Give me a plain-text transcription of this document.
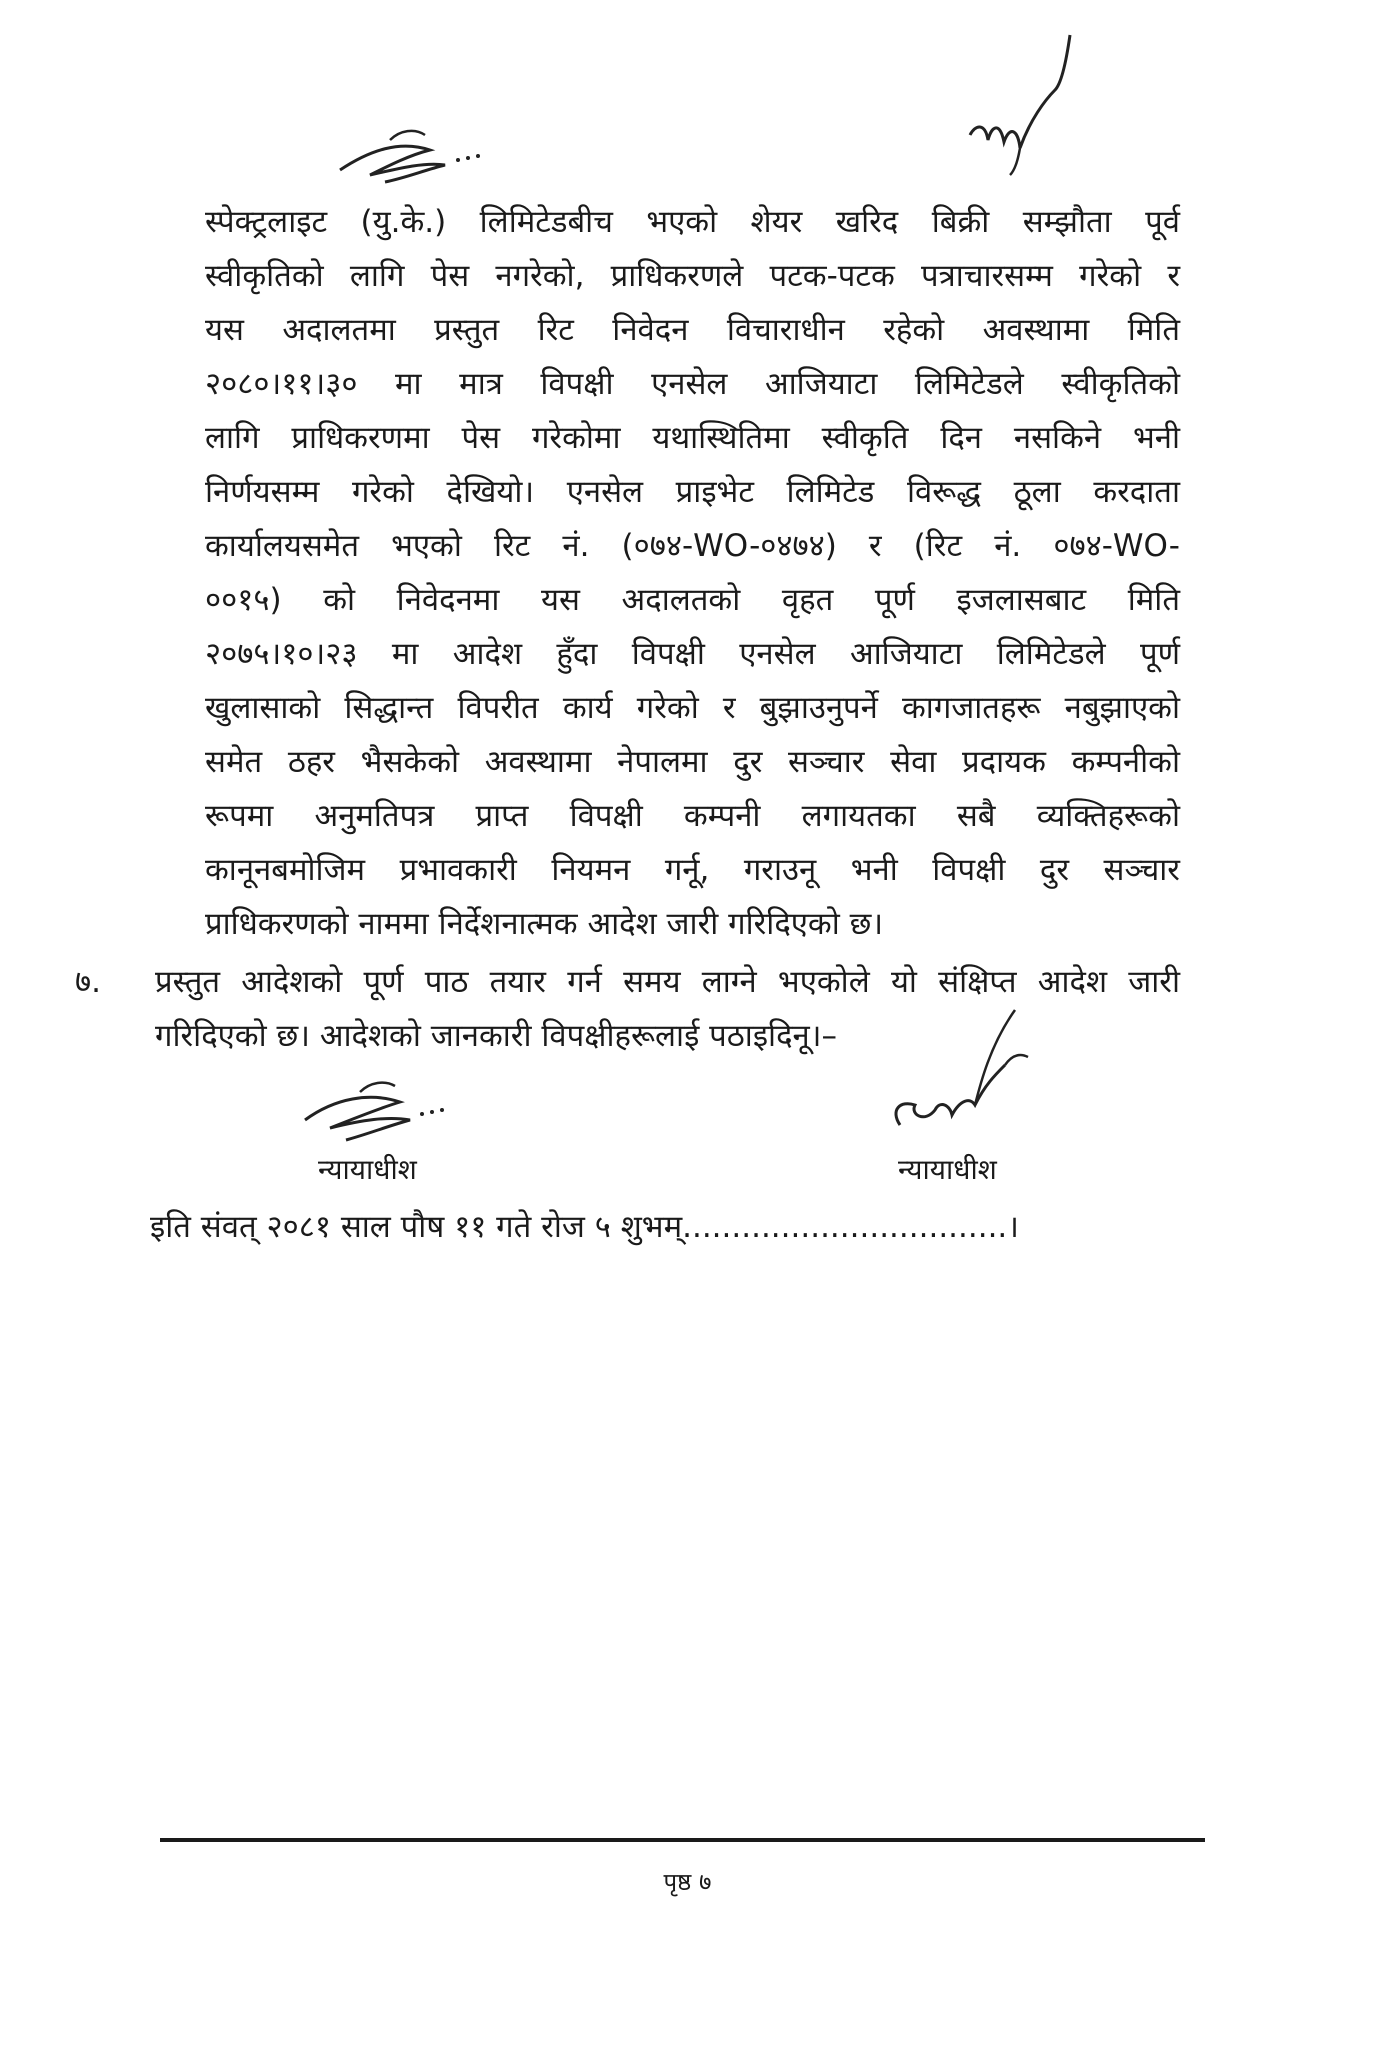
स्पेक्ट्रलाइट (यु.के.) लिमिटेडबीच भएको शेयर खरिद बिक्री सम्झौता पूर्व
स्वीकृतिको लागि पेस नगरेको, प्राधिकरणले पटक-पटक पत्राचारसम्म गरेको र
यस अदालतमा प्रस्तुत रिट निवेदन विचाराधीन रहेको अवस्थामा मिति
२०८०।११।३० मा मात्र विपक्षी एनसेल आजियाटा लिमिटेडले स्वीकृतिको
लागि प्राधिकरणमा पेस गरेकोमा यथास्थितिमा स्वीकृति दिन नसकिने भनी
निर्णयसम्म गरेको देखियो। एनसेल प्राइभेट लिमिटेड विरूद्ध ठूला करदाता
कार्यालयसमेत भएको रिट नं. (०७४-WO-०४७४) र (रिट नं. ०७४-WO-
००१५) को निवेदनमा यस अदालतको वृहत पूर्ण इजलासबाट मिति
२०७५।१०।२३ मा आदेश हुँदा विपक्षी एनसेल आजियाटा लिमिटेडले पूर्ण
खुलासाको सिद्धान्त विपरीत कार्य गरेको र बुझाउनुपर्ने कागजातहरू नबुझाएको
समेत ठहर भैसकेको अवस्थामा नेपालमा दुर सञ्चार सेवा प्रदायक कम्पनीको
रूपमा अनुमतिपत्र प्राप्त विपक्षी कम्पनी लगायतका सबै व्यक्तिहरूको
कानूनबमोजिम प्रभावकारी नियमन गर्नू, गराउनू भनी विपक्षी दुर सञ्चार
प्राधिकरणको नाममा निर्देशनात्मक आदेश जारी गरिदिएको छ।
७. प्रस्तुत आदेशको पूर्ण पाठ तयार गर्न समय लाग्ने भएकोले यो संक्षिप्त आदेश जारी
गरिदिएको छ। आदेशको जानकारी विपक्षीहरूलाई पठाइदिनू।–
न्यायाधीश	न्यायाधीश
इति संवत् २०८१ साल पौष ११ गते रोज ५ शुभम्.................................।
पृष्ठ ७
